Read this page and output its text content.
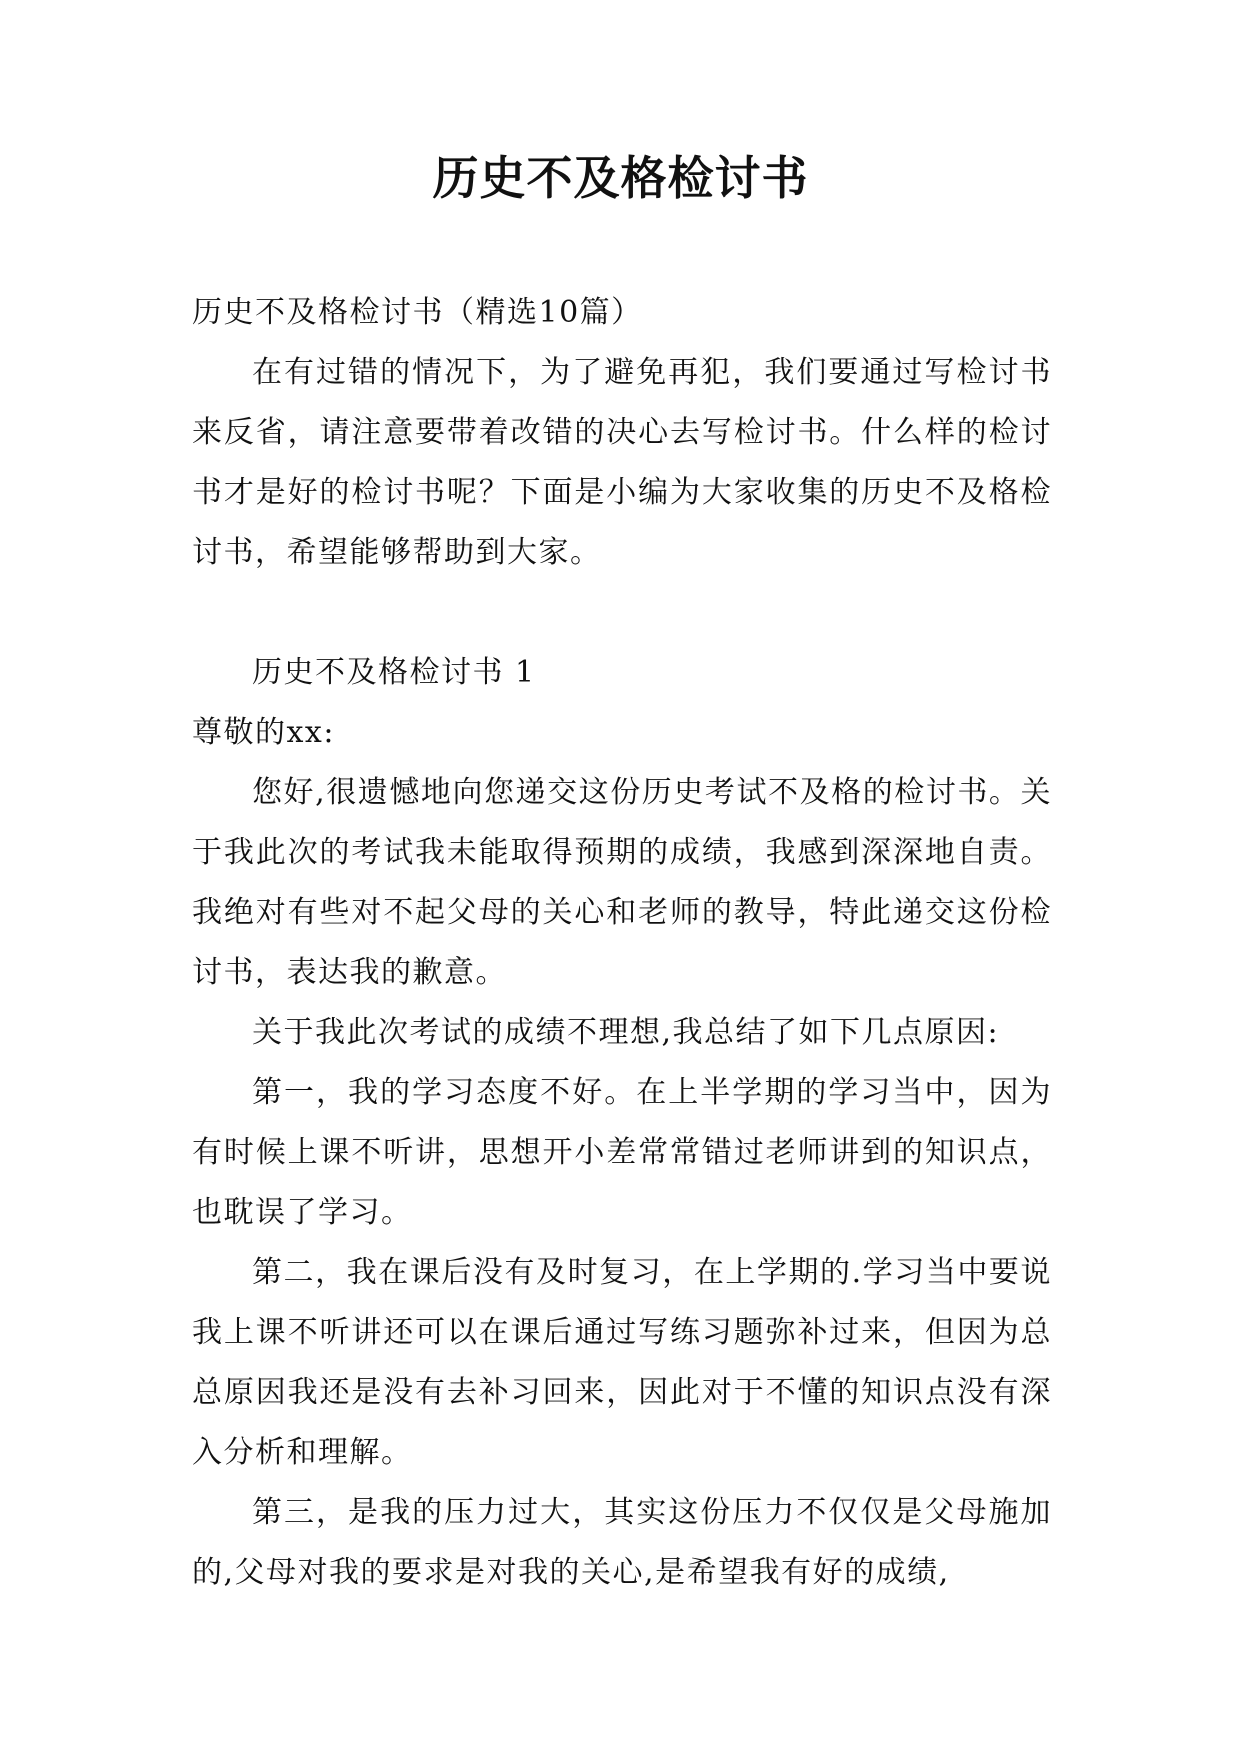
历史不及格检讨书

历史不及格检讨书（精选10篇）

在有过错的情况下，为了避免再犯，我们要通过写检讨书来反省，请注意要带着改错的决心去写检讨书。什么样的检讨书才是好的检讨书呢？下面是小编为大家收集的历史不及格检讨书，希望能够帮助到大家。

历史不及格检讨书 1

尊敬的xx:

您好,很遗憾地向您递交这份历史考试不及格的检讨书。关于我此次的考试我未能取得预期的成绩，我感到深深地自责。我绝对有些对不起父母的关心和老师的教导，特此递交这份检讨书，表达我的歉意。

关于我此次考试的成绩不理想,我总结了如下几点原因:

第一，我的学习态度不好。在上半学期的学习当中，因为有时候上课不听讲，思想开小差常常错过老师讲到的知识点，也耽误了学习。

第二，我在课后没有及时复习，在上学期的.学习当中要说我上课不听讲还可以在课后通过写练习题弥补过来，但因为总总原因我还是没有去补习回来，因此对于不懂的知识点没有深入分析和理解。

第三，是我的压力过大，其实这份压力不仅仅是父母施加的,父母对我的要求是对我的关心,是希望我有好的成绩,
